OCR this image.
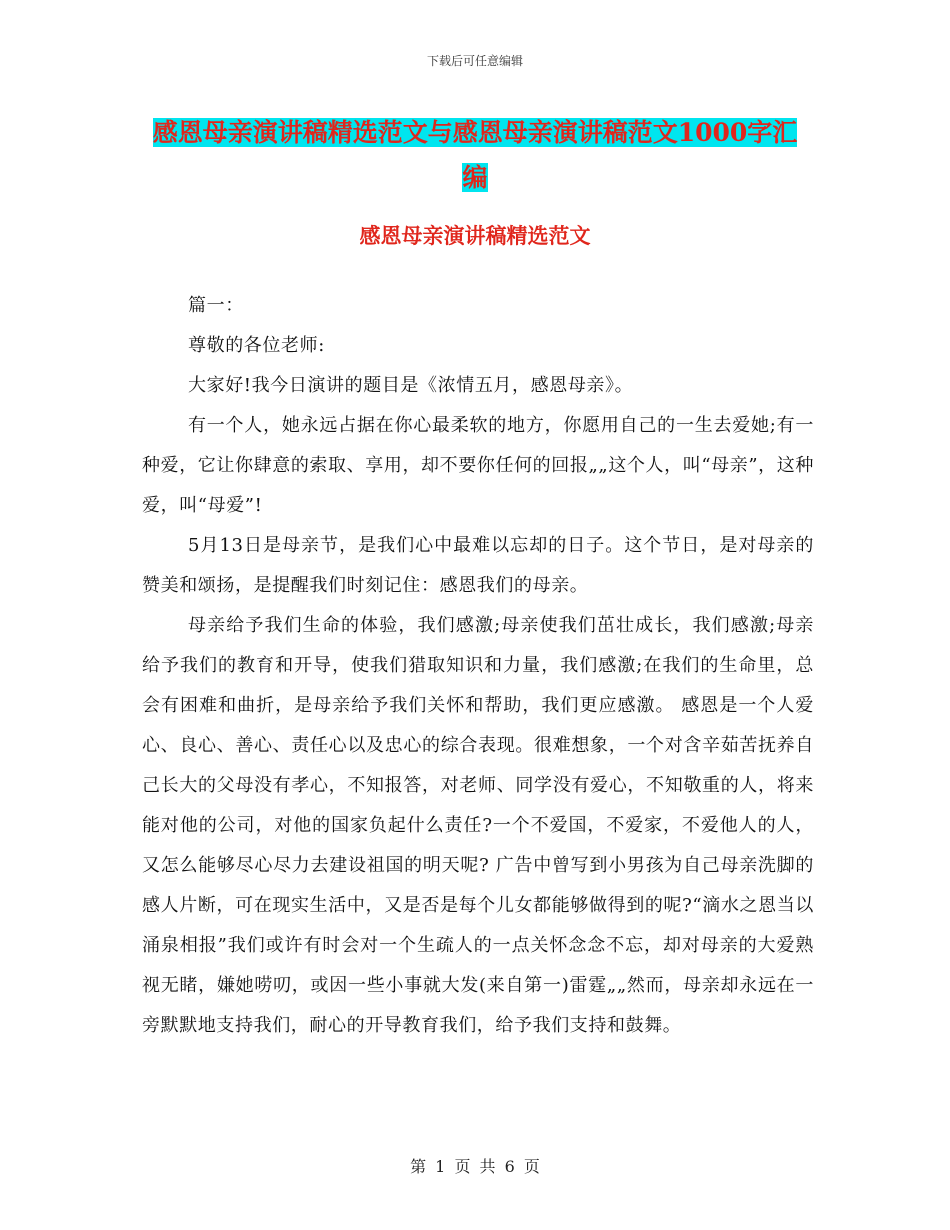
下载后可任意编辑
感恩母亲演讲稿精选范文与感恩母亲演讲稿范文1000字汇编
感恩母亲演讲稿精选范文

篇一：

尊敬的各位老师:

大家好!我今日演讲的题目是《浓情五月，感恩母亲》。

有一个人，她永远占据在你心最柔软的地方，你愿用自己的一生去爱她;有一种爱，它让你肆意的索取、享用，却不要你任何的回报„„这个人，叫“母亲”，这种爱，叫“母爱”!

5月13日是母亲节，是我们心中最难以忘却的日子。这个节日，是对母亲的赞美和颂扬，是提醒我们时刻记住：感恩我们的母亲。

母亲给予我们生命的体验，我们感激;母亲使我们茁壮成长，我们感激;母亲给予我们的教育和开导，使我们猎取知识和力量，我们感激;在我们的生命里，总会有困难和曲折，是母亲给予我们关怀和帮助，我们更应感激。 感恩是一个人爱心、良心、善心、责任心以及忠心的综合表现。很难想象，一个对含辛茹苦抚养自己长大的父母没有孝心，不知报答，对老师、同学没有爱心，不知敬重的人，将来能对他的公司，对他的国家负起什么责任?一个不爱国，不爱家，不爱他人的人，又怎么能够尽心尽力去建设祖国的明天呢? 广告中曾写到小男孩为自己母亲洗脚的感人片断，可在现实生活中，又是否是每个儿女都能够做得到的呢?“滴水之恩当以涌泉相报”我们或许有时会对一个生疏人的一点关怀念念不忘，却对母亲的大爱熟视无睹，嫌她唠叨，或因一些小事就大发(来自第一)雷霆„„然而，母亲却永远在一旁默默地支持我们，耐心的开导教育我们，给予我们支持和鼓舞。

第 1 页 共 6 页
